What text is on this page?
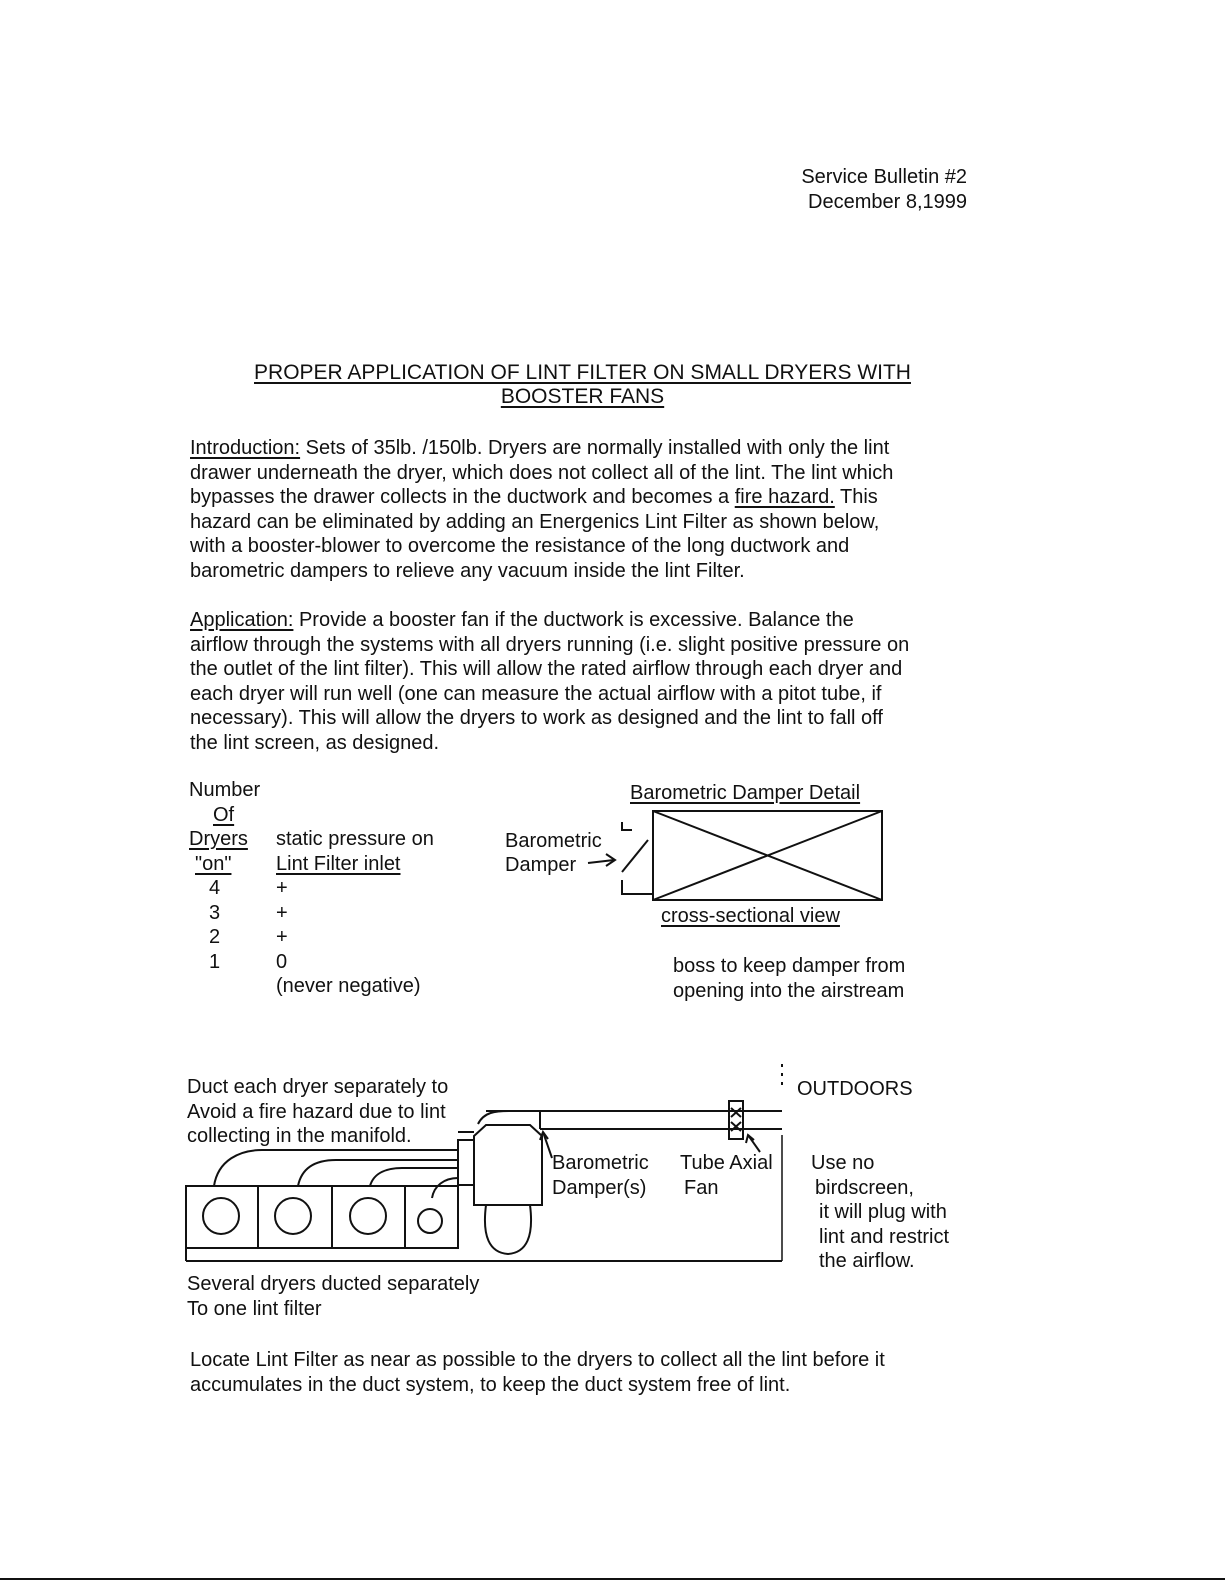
Service Bulletin #2
December 8,1999
PROPER APPLICATION OF LINT FILTER ON SMALL DRYERS WITH
BOOSTER FANS
Introduction: Sets of 35lb. /150lb. Dryers are normally installed with only the lint
drawer underneath the dryer, which does not collect all of the lint. The lint which
bypasses the drawer collects in the ductwork and becomes a fire hazard. This
hazard can be eliminated by adding an Energenics Lint Filter as shown below,
with a booster-blower to overcome the resistance of the long ductwork and
barometric dampers to relieve any vacuum inside the lint Filter.
Application: Provide a booster fan if the ductwork is excessive. Balance the
airflow through the systems with all dryers running (i.e. slight positive pressure on
the outlet of the lint filter). This will allow the rated airflow through each dryer and
each dryer will run well (one can measure the actual airflow with a pitot tube, if
necessary). This will allow the dryers to work as designed and the lint to fall off
the lint screen, as designed.
Number
Of
Dryers
"on"
4
3
2
1
static pressure on
Lint Filter inlet
+
+
+
0
(never negative)
Barometric Damper Detail
Barometric
Damper
cross-sectional view
boss to keep damper from
opening into the airstream
Duct each dryer separately to
Avoid a fire hazard due to lint
collecting in the manifold.
OUTDOORS
Barometric
Damper(s)
Tube Axial
Fan
Use no
birdscreen,
it will plug with
lint and restrict
the airflow.
Several dryers ducted separately
To one lint filter
Locate Lint Filter as near as possible to the dryers to collect all the lint before it
accumulates in the duct system, to keep the duct system free of lint.
